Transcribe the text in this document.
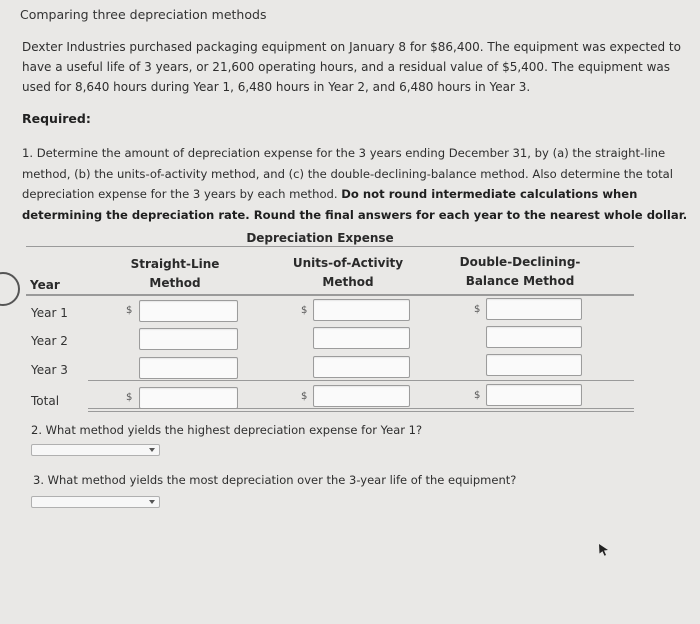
Comparing three depreciation methods
Dexter Industries purchased packaging equipment on January 8 for $86,400. The equipment was expected to have a useful life of 3 years, or 21,600 operating hours, and a residual value of $5,400. The equipment was used for 8,640 hours during Year 1, 6,480 hours in Year 2, and 6,480 hours in Year 3.
Required:
1. Determine the amount of depreciation expense for the 3 years ending December 31, by (a) the straight-line method, (b) the units-of-activity method, and (c) the double-declining-balance method. Also determine the total depreciation expense for the 3 years by each method. Do not round intermediate calculations when determining the depreciation rate. Round the final answers for each year to the nearest whole dollar.
Depreciation Expense
Straight-Line
Method
Units-of-Activity
Method
Double-Declining-
Balance Method
Year
Year 1
Year 2
Year 3
Total
$
$
$
$
$
$
2. What method yields the highest depreciation expense for Year 1?
3. What method yields the most depreciation over the 3-year life of the equipment?
